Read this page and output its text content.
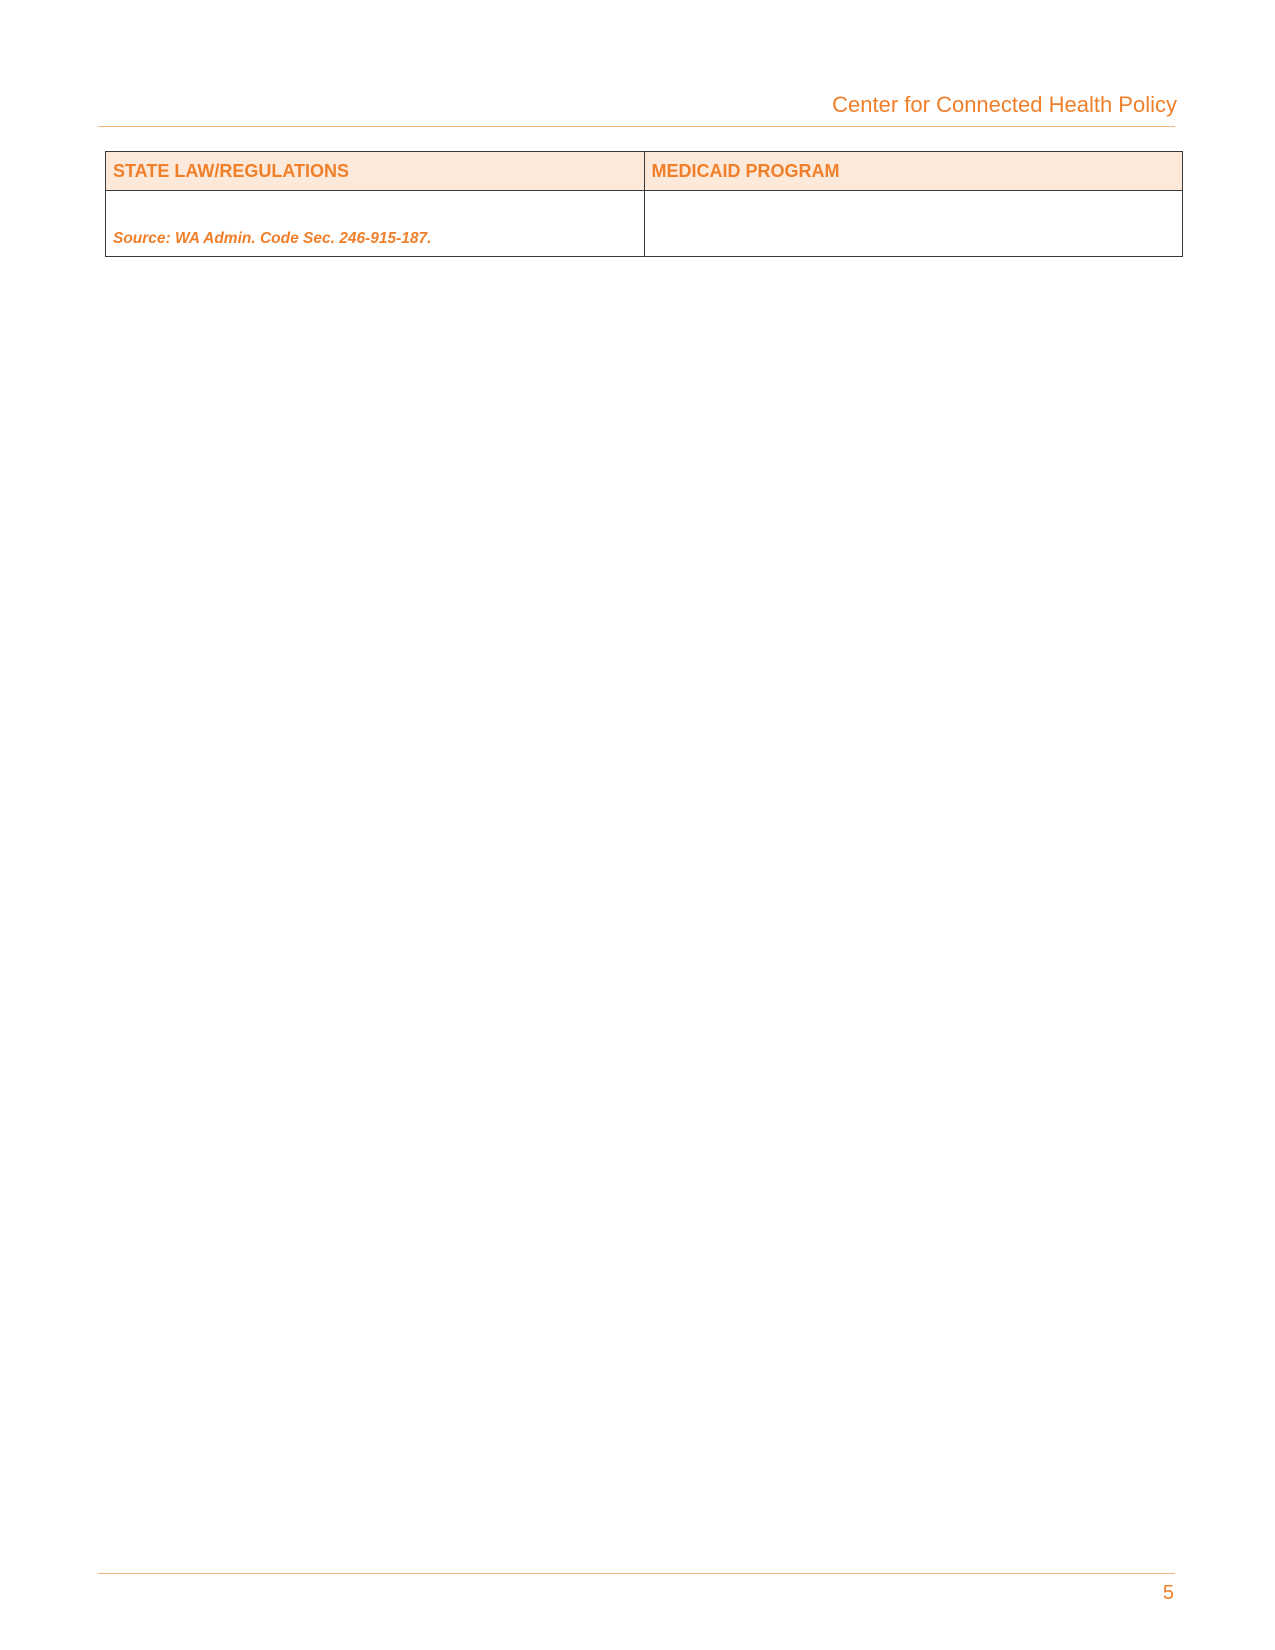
Center for Connected Health Policy
STATE LAW/REGULATIONS	MEDICAID PROGRAM
Source: WA Admin. Code Sec. 246-915-187.	
5
